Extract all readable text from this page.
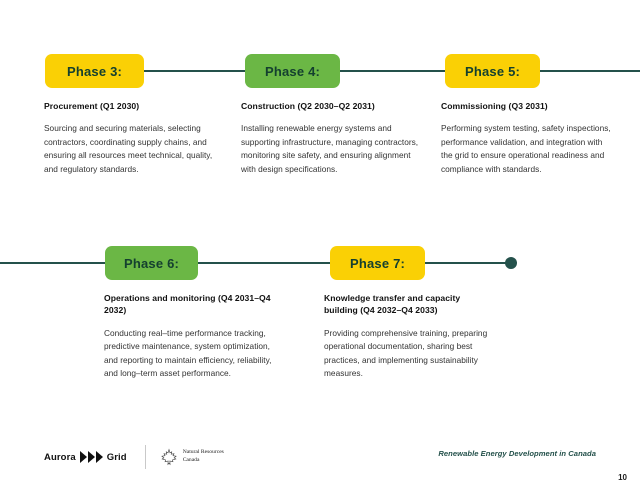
Phase 3:	Phase 4:	Phase 5:

Procurement (Q1 2030)

Sourcing and securing materials, selecting contractors, coordinating supply chains, and ensuring all resources meet technical, quality, and regulatory standards.

Construction (Q2 2030–Q2 2031)

Installing renewable energy systems and supporting infrastructure, managing contractors, monitoring site safety, and ensuring alignment with design specifications.

Commissioning (Q3 2031)

Performing system testing, safety inspections, performance validation, and integration with the grid to ensure operational readiness and compliance with standards.

Phase 6:	Phase 7:

Operations and monitoring (Q4 2031–Q4 2032)

Conducting real–time performance tracking, predictive maintenance, system optimization, and reporting to maintain efficiency, reliability, and long–term asset performance.

Knowledge transfer and capacity building (Q4 2032–Q4 2033)

Providing comprehensive training, preparing operational documentation, sharing best practices, and implementing sustainability measures.

Aurora	Grid	Natural Resources
Canada
Renewable Energy Development in Canada
10
